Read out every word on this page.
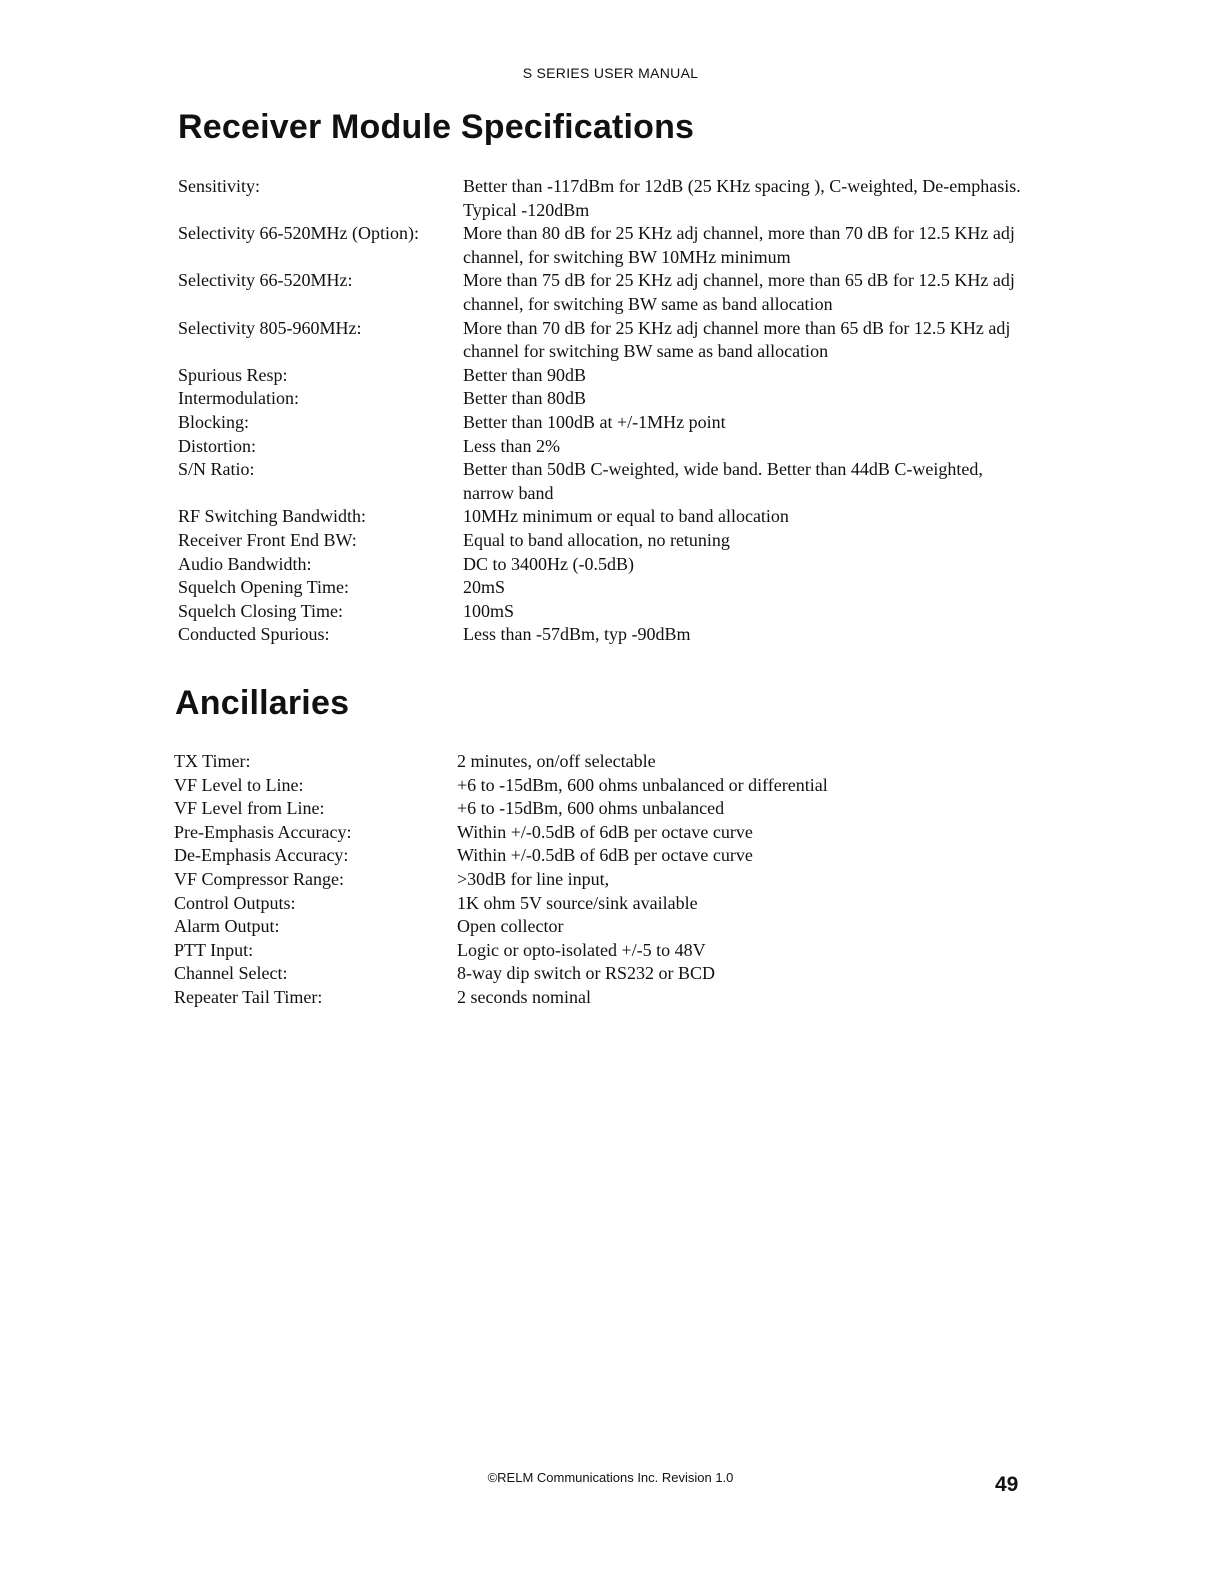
S SERIES USER MANUAL
Receiver Module Specifications
Sensitivity:	Better than -117dBm for 12dB (25 KHz spacing ), C-weighted, De-emphasis. Typical -120dBm
Selectivity 66-520MHz (Option):	More than 80 dB for 25 KHz adj channel, more than 70 dB for 12.5 KHz adj channel, for switching BW 10MHz minimum
Selectivity 66-520MHz:	More than 75 dB for 25 KHz adj channel, more than 65 dB for 12.5 KHz adj channel, for switching BW same as band allocation
Selectivity 805-960MHz:	More than 70 dB for 25 KHz adj channel more than 65 dB for 12.5 KHz adj channel for switching BW same as band allocation
Spurious Resp:	Better than 90dB
Intermodulation:	Better than 80dB
Blocking:	Better than 100dB at +/-1MHz point
Distortion:	Less than 2%
S/N Ratio:	Better than 50dB C-weighted, wide band. Better than 44dB C-weighted, narrow band
RF Switching Bandwidth:	10MHz minimum or equal to band allocation
Receiver Front End BW:	Equal to band allocation, no retuning
Audio Bandwidth:	DC to 3400Hz (-0.5dB)
Squelch Opening Time:	20mS
Squelch Closing Time:	100mS
Conducted Spurious:	Less than -57dBm, typ -90dBm
Ancillaries
TX Timer:	2 minutes, on/off selectable
VF Level to Line:	+6 to -15dBm, 600 ohms unbalanced or differential
VF Level from Line:	+6 to -15dBm, 600 ohms unbalanced
Pre-Emphasis Accuracy:	Within +/-0.5dB of 6dB per octave curve
De-Emphasis Accuracy:	Within +/-0.5dB of 6dB per octave curve
VF Compressor Range:	>30dB for line input,
Control Outputs:	1K ohm 5V source/sink available
Alarm Output:	Open collector
PTT Input:	Logic or opto-isolated +/-5 to 48V
Channel Select:	8-way dip switch or RS232 or BCD
Repeater Tail Timer:	2 seconds nominal
©RELM Communications Inc. Revision 1.0	49
